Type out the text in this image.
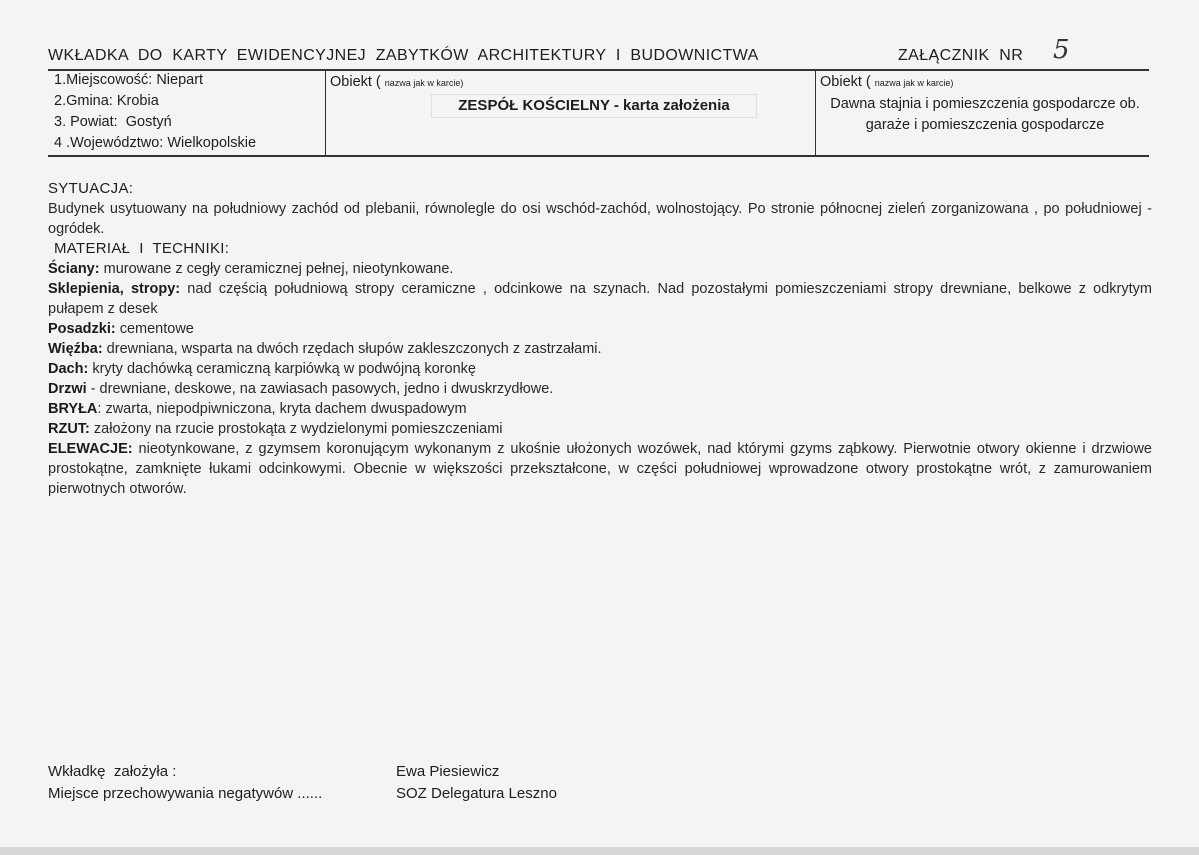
WKŁADKA  DO  KARTY  EWIDENCYJNEJ  ZABYTKÓW  ARCHITEKTURY  I  BUDOWNICTWA	ZAŁĄCZNIK  NR 5
1.Miejscowość: Niepart
2.Gmina: Krobia
3. Powiat:  Gostyń
4 .Województwo: Wielkopolskie
Obiekt ( nazwa jak w karcie)
ZESPÓŁ KOŚCIELNY - karta założenia
Obiekt ( nazwa jak w karcie)
Dawna stajnia i pomieszczenia gospodarcze ob. garaże i pomieszczenia gospodarcze

SYTUACJA:

Budynek usytuowany na południowy zachód od plebanii, równolegle do osi wschód-zachód, wolnostojący. Po stronie północnej zieleń zorganizowana , po południowej - ogródek.

MATERIAŁ  I  TECHNIKI:

Ściany: murowane z cegły ceramicznej pełnej, nieotynkowane.

Sklepienia, stropy: nad częścią południową stropy ceramiczne , odcinkowe na szynach. Nad pozostałymi pomieszczeniami stropy drewniane, belkowe z odkrytym pułapem z desek

Posadzki: cementowe

Więźba: drewniana, wsparta na dwóch rzędach słupów zakleszczonych z zastrzałami.

Dach: kryty dachówką ceramiczną karpiówką w podwójną koronkę

Drzwi - drewniane, deskowe, na zawiasach pasowych, jedno i dwuskrzydłowe.

BRYŁA: zwarta, niepodpiwniczona, kryta dachem dwuspadowym

RZUT: założony na rzucie prostokąta z wydzielonymi pomieszczeniami

ELEWACJE: nieotynkowane, z gzymsem koronującym wykonanym z ukośnie ułożonych wozówek, nad którymi gzyms ząbkowy. Pierwotnie otwory okienne i drzwiowe prostokątne, zamknięte łukami odcinkowymi. Obecnie w większości przekształcone, w części południowej wprowadzone otwory prostokątne wrót, z zamurowaniem pierwotnych otworów.

Wkładkę  założyła :
Miejsce przechowywania negatywów ......
Ewa Piesiewicz
SOZ Delegatura Leszno
